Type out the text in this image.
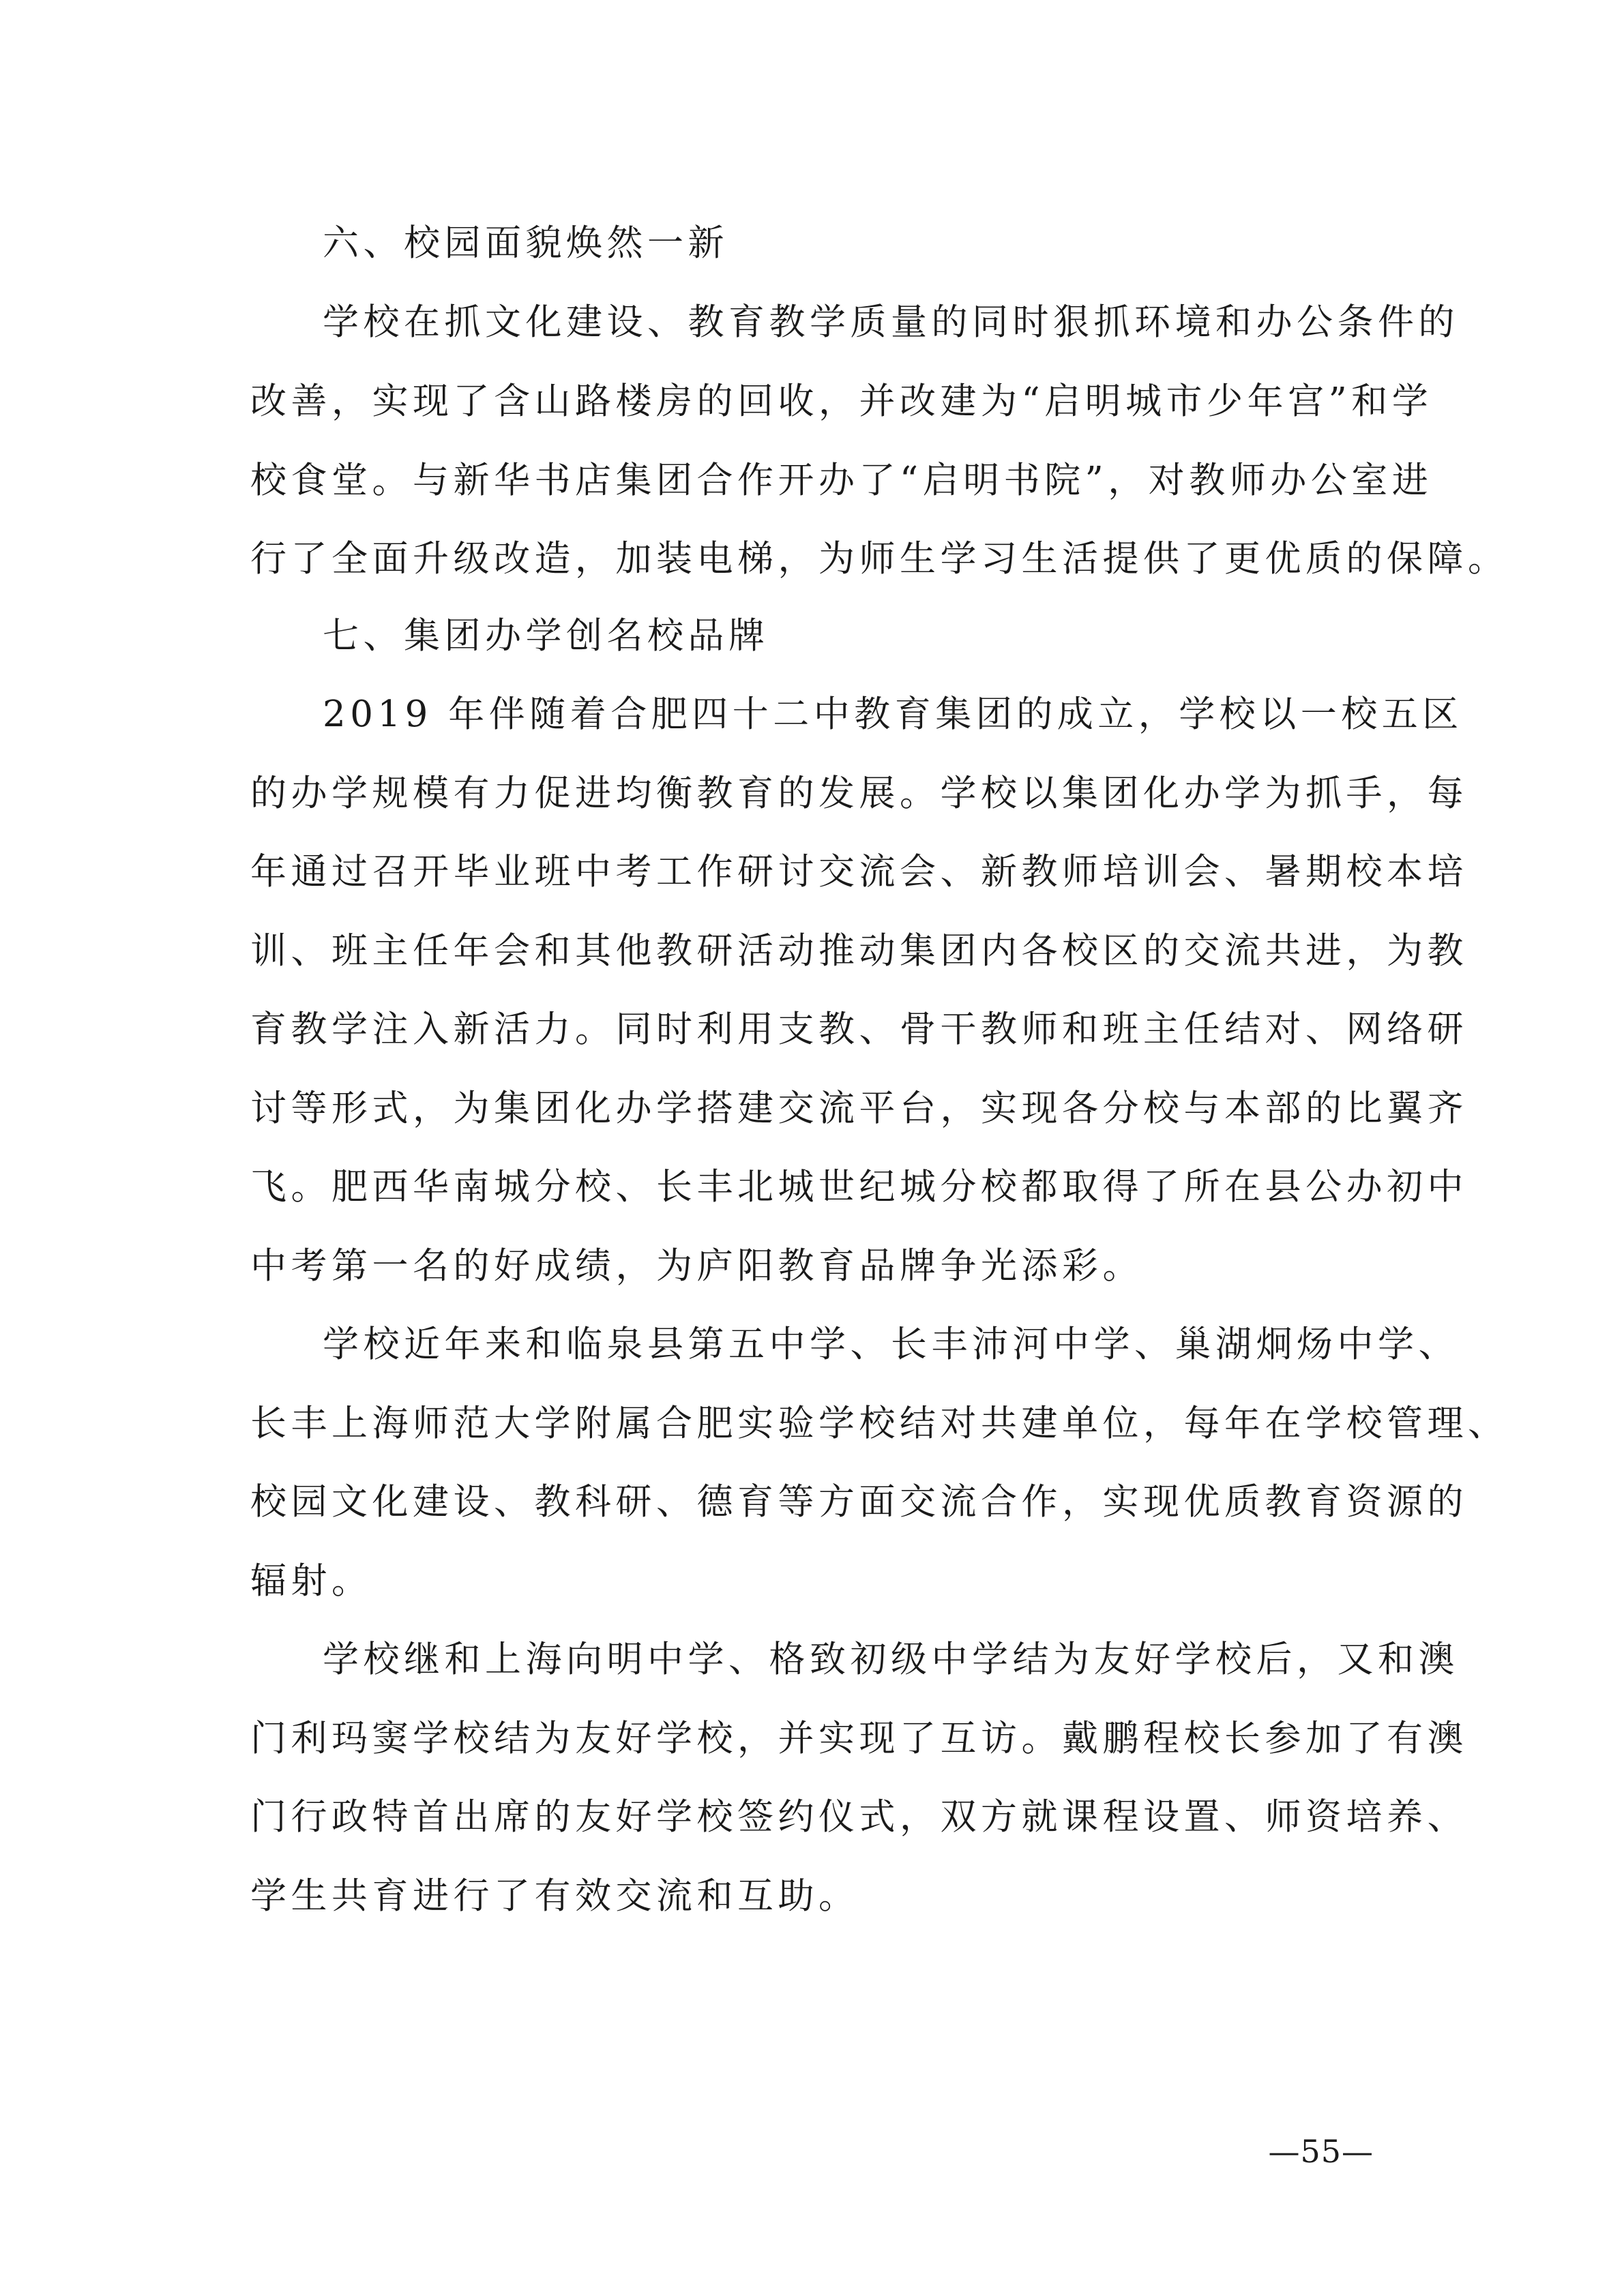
六、校园面貌焕然一新
学校在抓文化建设、教育教学质量的同时狠抓环境和办公条件的
改善，实现了含山路楼房的回收，并改建为“启明城市少年宫”和学
校食堂。与新华书店集团合作开办了“启明书院”，对教师办公室进
行了全面升级改造，加装电梯，为师生学习生活提供了更优质的保障。
七、集团办学创名校品牌
2019 年伴随着合肥四十二中教育集团的成立，学校以一校五区
的办学规模有力促进均衡教育的发展。学校以集团化办学为抓手，每
年通过召开毕业班中考工作研讨交流会、新教师培训会、暑期校本培
训、班主任年会和其他教研活动推动集团内各校区的交流共进，为教
育教学注入新活力。同时利用支教、骨干教师和班主任结对、网络研
讨等形式，为集团化办学搭建交流平台，实现各分校与本部的比翼齐
飞。肥西华南城分校、长丰北城世纪城分校都取得了所在县公办初中
中考第一名的好成绩，为庐阳教育品牌争光添彩。
学校近年来和临泉县第五中学、长丰沛河中学、巢湖炯炀中学、
长丰上海师范大学附属合肥实验学校结对共建单位，每年在学校管理、
校园文化建设、教科研、德育等方面交流合作，实现优质教育资源的
辐射。
学校继和上海向明中学、格致初级中学结为友好学校后，又和澳
门利玛窦学校结为友好学校，并实现了互访。戴鹏程校长参加了有澳
门行政特首出席的友好学校签约仪式，双方就课程设置、师资培养、
学生共育进行了有效交流和互助。
—55—
